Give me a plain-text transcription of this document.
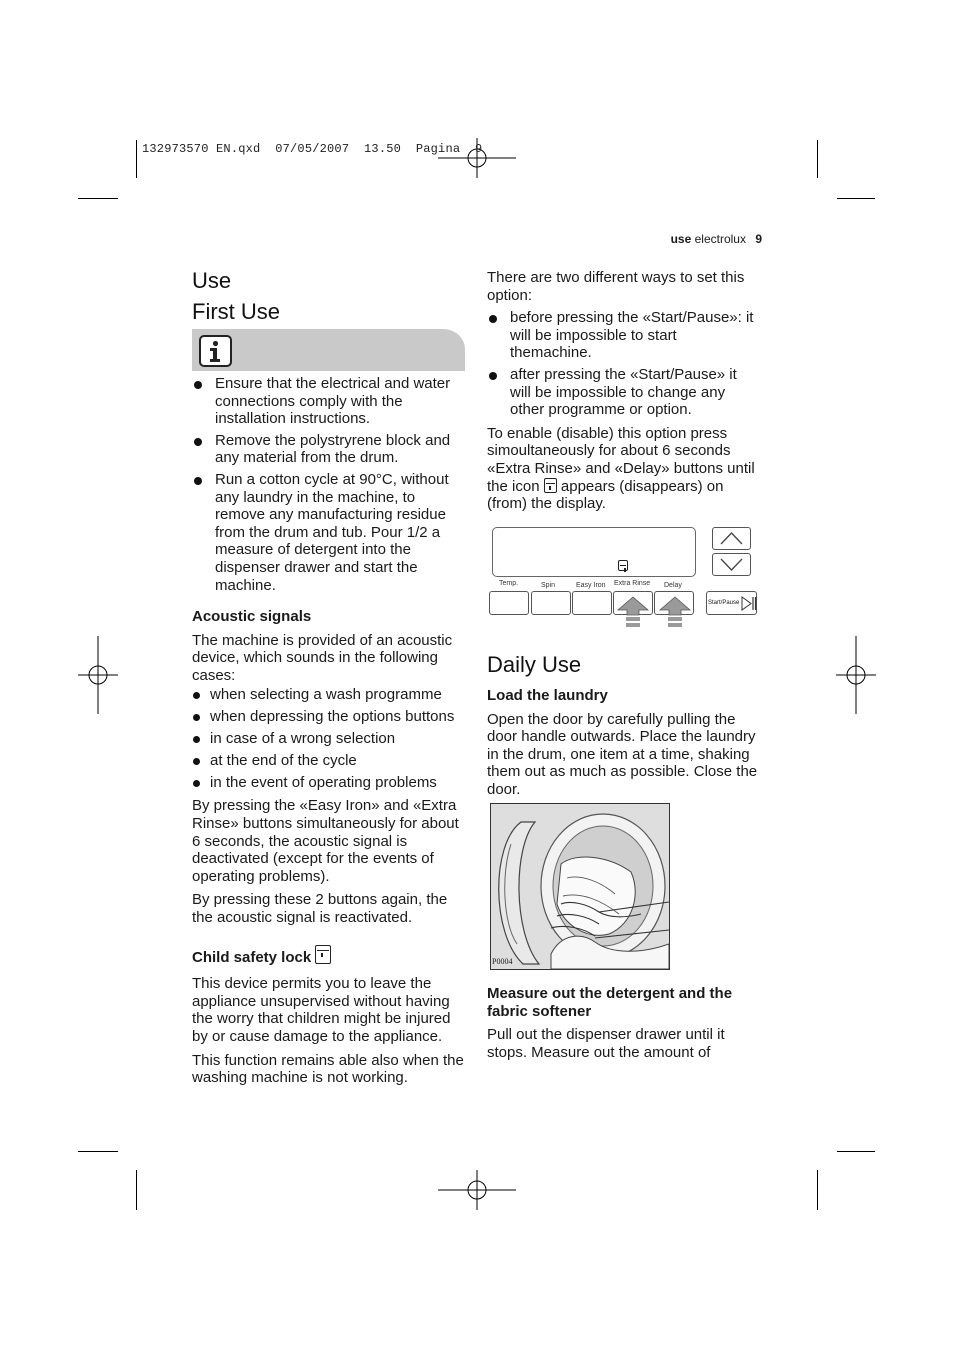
132973570 EN.qxd  07/05/2007  13.50  Pagina  9
use electrolux 9
Use
First Use
Ensure that the electrical and water connections comply with the installation instructions.
Remove the polystryrene block and any material from the drum.
Run a cotton cycle at 90°C, without any laundry in the machine, to remove any manufacturing residue from the drum and tub. Pour 1/2 a measure of detergent into the dispenser drawer and start the machine.
Acoustic signals

The machine is provided of an acoustic device, which sounds in the following cases:

when selecting a wash programme
when depressing the options buttons
in case of a wrong selection
at the end of the cycle
in the event of operating problems

By pressing the «Easy Iron» and «Extra Rinse» buttons simultaneously for about 6 seconds, the acoustic signal is deactivated (except for the events of operating problems).

By pressing these 2 buttons again, the the acoustic signal is reactivated.

Child safety lock

This device permits you to leave the appliance unsupervised without having the worry that children might be injured by or cause damage to the appliance.

This function remains able also when the washing machine is not working.

There are two different ways to set this option:

before pressing the «Start/Pause»: it will be impossible to start themachine.
after pressing the «Start/Pause» it will be impossible to change any other programme or option.

To enable (disable) this option press simoultaneously for about 6 seconds «Extra Rinse» and «Delay» buttons until the icon appears (disappears) on (from) the display.

Temp.	Spin	Easy Iron Extra Rinse Delay
Start/Pause
Daily Use
Load the laundry

Open the door by carefully pulling the door handle outwards. Place the laundry in the drum, one item at a time, shaking them out as much as possible. Close the door.

P0004
Measure out the detergent and the fabric softener

Pull out the dispenser drawer until it stops. Measure out the amount of
